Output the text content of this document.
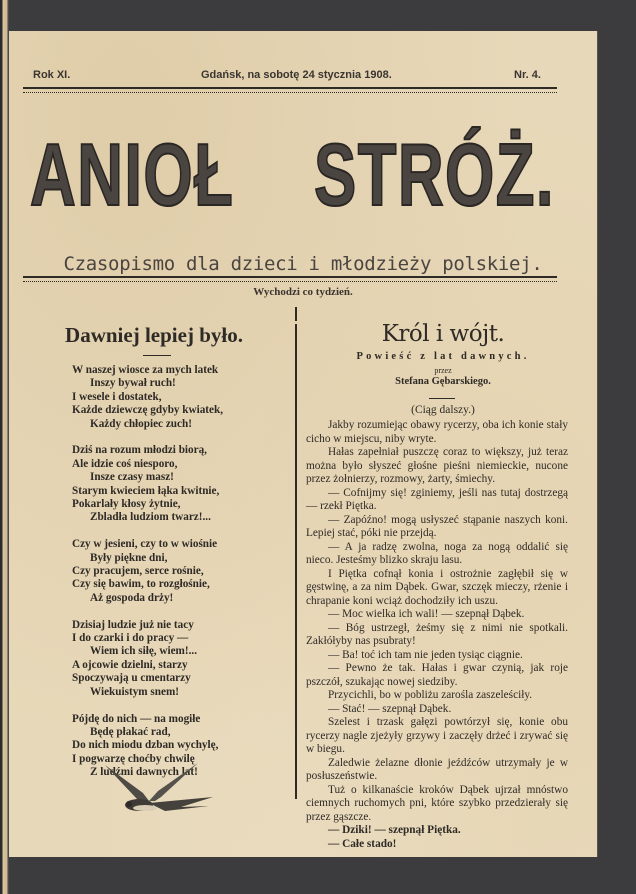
Rok XI.	Gdańsk, na sobotę 24 stycznia 1908.	Nr. 4.
ANIOŁ STRÓŻ.
Czasopismo dla dzieci i młodzieży polskiej.
Wychodzi co tydzień.
Dawniej lepiej było.
W naszej wiosce za mych latek
Inszy bywał ruch!
I wesele i dostatek,
Każde dziewczę gdyby kwiatek,
Każdy chłopiec zuch!
Dziś na rozum młodzi biorą,
Ale idzie coś niesporo,
Insze czasy masz!
Starym kwieciem łąka kwitnie,
Pokarlały kłosy żytnie,
Zbladła ludziom twarz!...
Czy w jesieni, czy to w wiośnie
Były piękne dni,
Czy pracujem, serce rośnie,
Czy się bawim, to rozgłośnie,
Aż gospoda drży!
Dzisiaj ludzie już nie tacy
I do czarki i do pracy —
Wiem ich siłę, wiem!...
A ojcowie dzielni, starzy
Spoczywają u cmentarzy
Wiekuistym snem!
Pójdę do nich — na mogiłe
Będę płakać rad,
Do nich miodu dzban wychylę,
I pogwarzę choćby chwilę
Z ludźmi dawnych lat!
Król i wójt.
Powieść z lat dawnych.
przez
Stefana Gębarskiego.
(Ciąg dalszy.)

Jakby rozumiejąc obawy rycerzy, oba ich konie stały cicho w miejscu, niby wryte.

Hałas zapełniał puszczę coraz to większy, już teraz można było słyszeć głośne pieśni niemieckie, nucone przez żołnierzy, rozmowy, żarty, śmiechy.

— Cofnijmy się! zginiemy, jeśli nas tutaj dostrzegą — rzekł Piętka.

— Zapóźno! mogą usłyszeć stąpanie naszych koni. Lepiej stać, póki nie przejdą.

— A ja radzę zwolna, noga za nogą oddalić się nieco. Jesteśmy blizko skraju lasu.

I Piętka cofnął konia i ostrożnie zagłębił się w gęstwinę, a za nim Dąbek. Gwar, szczęk mieczy, rżenie i chrapanie koni wciąż dochodziły ich uszu.

— Moc wielka ich wali! — szepnął Dąbek.

— Bóg ustrzegł, żeśmy się z nimi nie spotkali. Zakłółyby nas psubraty!

— Ba! toć ich tam nie jeden tysiąc ciągnie.

— Pewno że tak. Hałas i gwar czynią, jak roje pszczół, szukając nowej siedziby.

Przycichli, bo w pobliżu zarośla zaszeleściły.

— Stać! — szepnął Dąbek.

Szelest i trzask gałęzi powtórzył się, konie obu rycerzy nagle zjeżyły grzywy i zaczęły drżeć i zrywać się w biegu.

Zaledwie żelazne dłonie jeźdźców utrzymały je w posłuszeństwie.

Tuż o kilkanaście kroków Dąbek ujrzał mnóstwo ciemnych ruchomych pni, które szybko przedzierały się przez gąszcze.

— Dziki! — szepnął Piętka.

— Całe stado!
